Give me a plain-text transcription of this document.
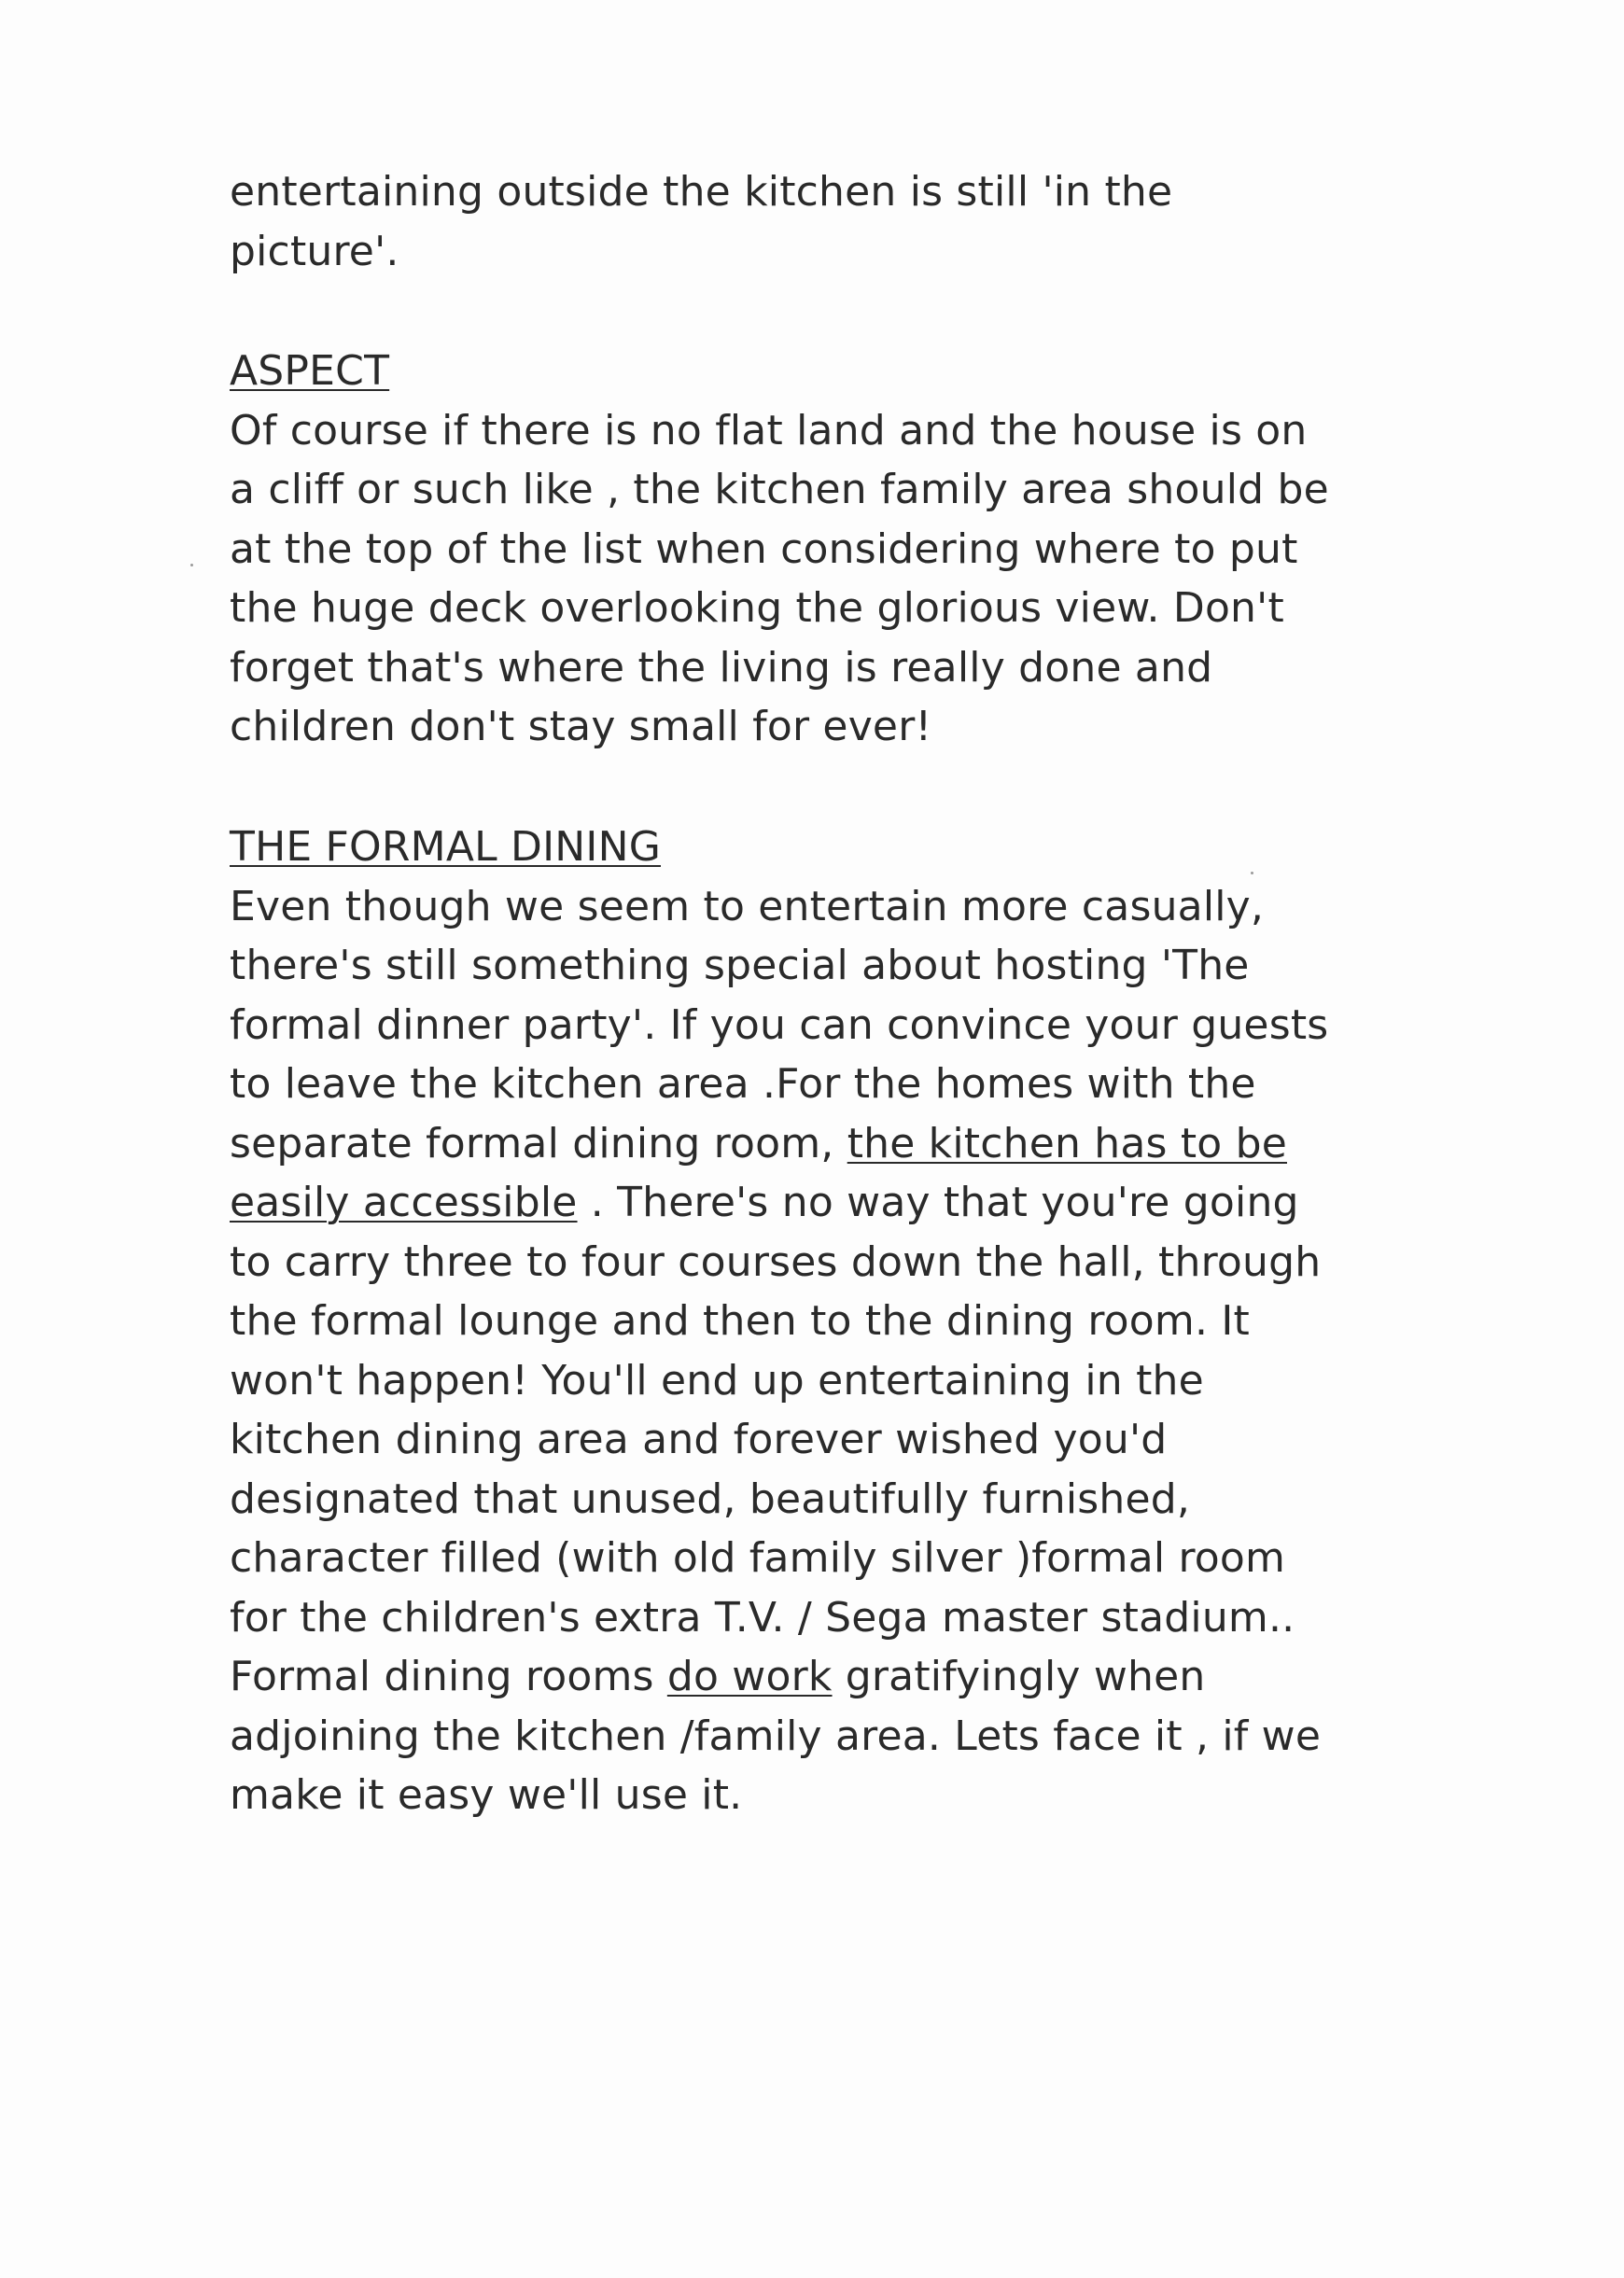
entertaining outside the kitchen is still 'in the
picture'.
ASPECT
Of course if there is no flat land and the house is on
a cliff or such like , the kitchen family area should be
at the top of the list when considering where to put
the huge deck overlooking the glorious view. Don't
forget that's where the living is really done and
children don't stay small for ever!
THE FORMAL DINING
Even though we seem to entertain more casually,
there's still something special about hosting 'The
formal dinner party'. If you can convince your guests
to leave the kitchen area .For the homes with the
separate formal dining room, the kitchen has to be
easily accessible . There's no way that you're going
to carry three to four courses down the hall, through
the formal lounge and then to the dining room. It
won't happen! You'll end up entertaining in the
kitchen dining area and forever wished you'd
designated that unused, beautifully furnished,
character filled (with old family silver )formal room
for the children's extra T.V. / Sega master stadium..
Formal dining rooms do work gratifyingly when
adjoining the kitchen /family area. Lets face it , if we
make it easy we'll use it.
